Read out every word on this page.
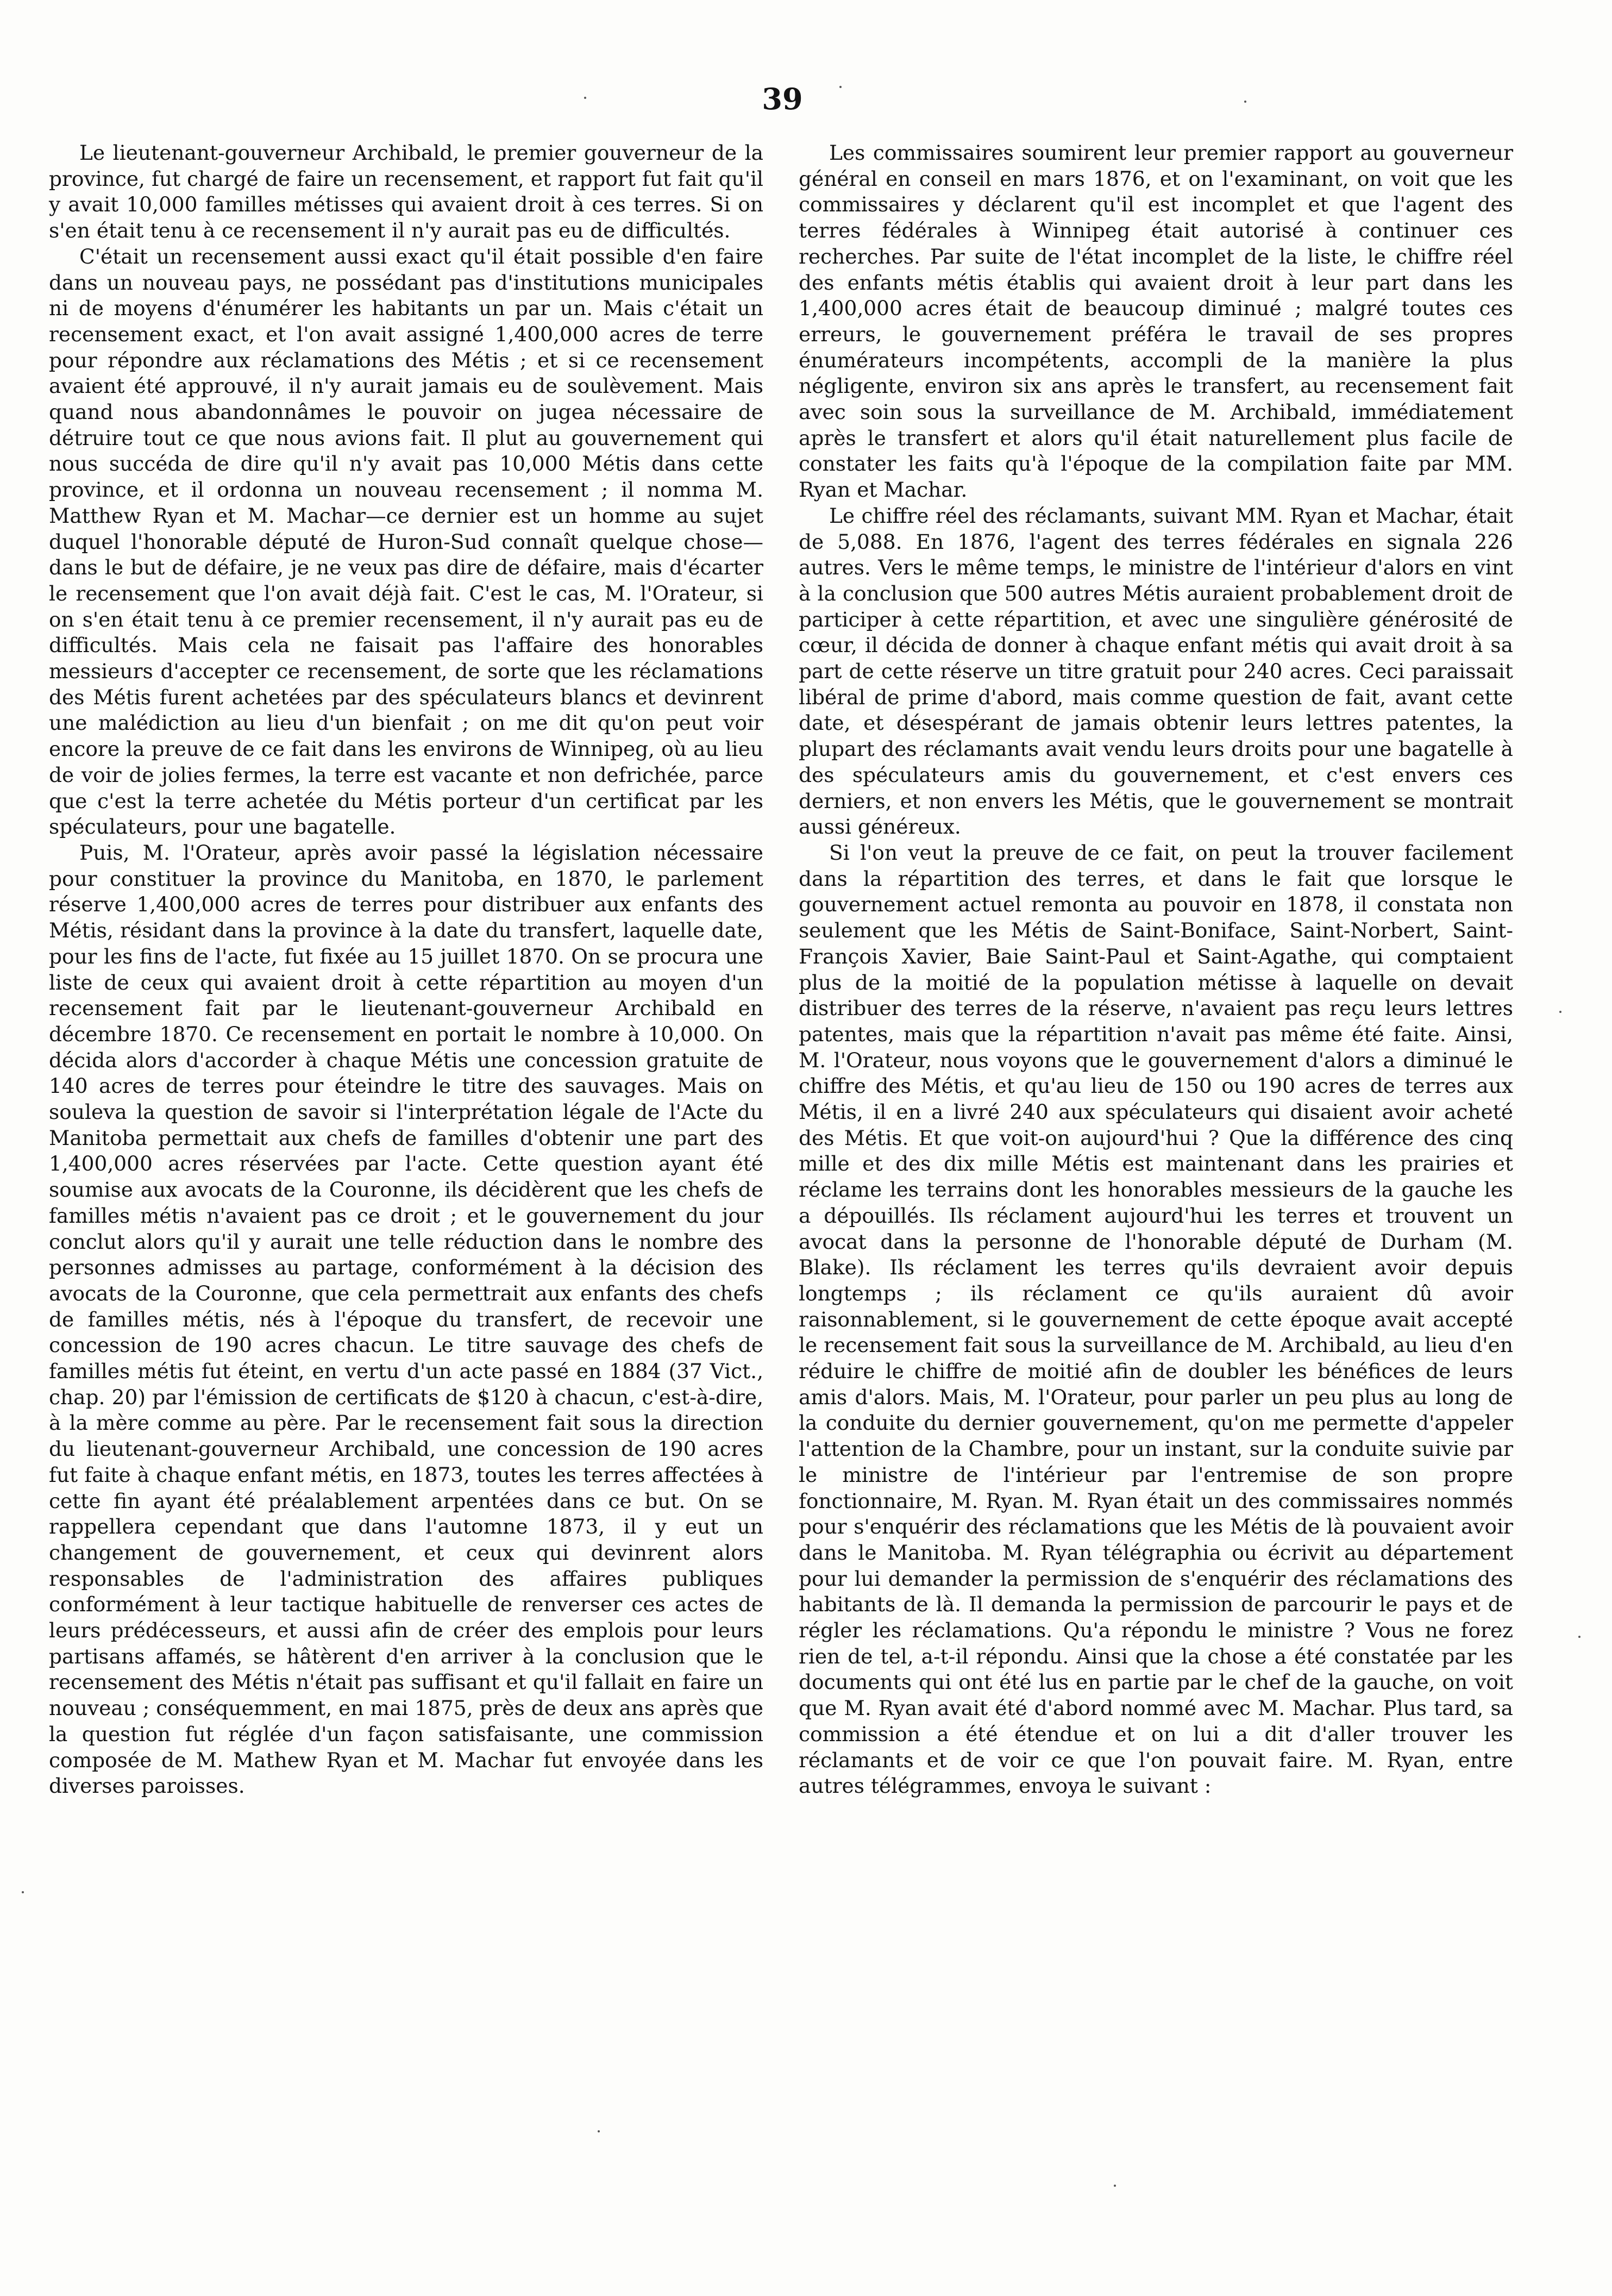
39

Le lieutenant-gouverneur Archibald, le premier gouverneur de la province, fut chargé de faire un recensement, et rapport fut fait qu'il y avait 10,000 familles métisses qui avaient droit à ces terres. Si on s'en était tenu à ce recensement il n'y aurait pas eu de difficultés.

C'était un recensement aussi exact qu'il était possible d'en faire dans un nouveau pays, ne possédant pas d'institutions municipales ni de moyens d'énumérer les habitants un par un. Mais c'était un recensement exact, et l'on avait assigné 1,400,000 acres de terre pour répondre aux réclamations des Métis ; et si ce recensement avaient été approuvé, il n'y aurait jamais eu de soulèvement. Mais quand nous abandonnâmes le pouvoir on jugea nécessaire de détruire tout ce que nous avions fait. Il plut au gouvernement qui nous succéda de dire qu'il n'y avait pas 10,000 Métis dans cette province, et il ordonna un nouveau recensement ; il nomma M. Matthew Ryan et M. Machar—ce dernier est un homme au sujet duquel l'honorable député de Huron-Sud connaît quelque chose—dans le but de défaire, je ne veux pas dire de défaire, mais d'écarter le recensement que l'on avait déjà fait. C'est le cas, M. l'Orateur, si on s'en était tenu à ce premier recensement, il n'y aurait pas eu de difficultés. Mais cela ne faisait pas l'affaire des honorables messieurs d'accepter ce recensement, de sorte que les réclamations des Métis furent achetées par des spéculateurs blancs et devinrent une malédiction au lieu d'un bienfait ; on me dit qu'on peut voir encore la preuve de ce fait dans les environs de Winnipeg, où au lieu de voir de jolies fermes, la terre est vacante et non defrichée, parce que c'est la terre achetée du Métis porteur d'un certificat par les spéculateurs, pour une bagatelle.

Puis, M. l'Orateur, après avoir passé la législation nécessaire pour constituer la province du Manitoba, en 1870, le parlement réserve 1,400,000 acres de terres pour distribuer aux enfants des Métis, résidant dans la province à la date du transfert, laquelle date, pour les fins de l'acte, fut fixée au 15 juillet 1870. On se procura une liste de ceux qui avaient droit à cette répartition au moyen d'un recensement fait par le lieutenant-gouverneur Archibald en décembre 1870. Ce recensement en portait le nombre à 10,000. On décida alors d'accorder à chaque Métis une concession gratuite de 140 acres de terres pour éteindre le titre des sauvages. Mais on souleva la question de savoir si l'interprétation légale de l'Acte du Manitoba permettait aux chefs de familles d'obtenir une part des 1,400,000 acres réservées par l'acte. Cette question ayant été soumise aux avocats de la Couronne, ils décidèrent que les chefs de familles métis n'avaient pas ce droit ; et le gouvernement du jour conclut alors qu'il y aurait une telle réduction dans le nombre des personnes admisses au partage, conformément à la décision des avocats de la Couronne, que cela permettrait aux enfants des chefs de familles métis, nés à l'époque du transfert, de recevoir une concession de 190 acres chacun. Le titre sauvage des chefs de familles métis fut éteint, en vertu d'un acte passé en 1884 (37 Vict., chap. 20) par l'émission de certificats de $120 à chacun, c'est-à-dire, à la mère comme au père. Par le recensement fait sous la direction du lieutenant-gouverneur Archibald, une concession de 190 acres fut faite à chaque enfant métis, en 1873, toutes les terres affectées à cette fin ayant été préalablement arpentées dans ce but. On se rappellera cependant que dans l'automne 1873, il y eut un changement de gouvernement, et ceux qui devinrent alors responsables de l'administration des affaires publiques conformément à leur tactique habituelle de renverser ces actes de leurs prédécesseurs, et aussi afin de créer des emplois pour leurs partisans affamés, se hâtèrent d'en arriver à la conclusion que le recensement des Métis n'était pas suffisant et qu'il fallait en faire un nouveau ; conséquemment, en mai 1875, près de deux ans après que la question fut réglée d'un façon satisfaisante, une commission composée de M. Mathew Ryan et M. Machar fut envoyée dans les diverses paroisses.

Les commissaires soumirent leur premier rapport au gouverneur général en conseil en mars 1876, et on l'examinant, on voit que les commissaires y déclarent qu'il est incomplet et que l'agent des terres fédérales à Winnipeg était autorisé à continuer ces recherches. Par suite de l'état incomplet de la liste, le chiffre réel des enfants métis établis qui avaient droit à leur part dans les 1,400,000 acres était de beaucoup diminué ; malgré toutes ces erreurs, le gouvernement préféra le travail de ses propres énumérateurs incompétents, accompli de la manière la plus négligente, environ six ans après le transfert, au recensement fait avec soin sous la surveillance de M. Archibald, immédiatement après le transfert et alors qu'il était naturellement plus facile de constater les faits qu'à l'époque de la compilation faite par MM. Ryan et Machar.

Le chiffre réel des réclamants, suivant MM. Ryan et Machar, était de 5,088. En 1876, l'agent des terres fédérales en signala 226 autres. Vers le même temps, le ministre de l'intérieur d'alors en vint à la conclusion que 500 autres Métis auraient probablement droit de participer à cette répartition, et avec une singulière générosité de cœur, il décida de donner à chaque enfant métis qui avait droit à sa part de cette réserve un titre gratuit pour 240 acres. Ceci paraissait libéral de prime d'abord, mais comme question de fait, avant cette date, et désespérant de jamais obtenir leurs lettres patentes, la plupart des réclamants avait vendu leurs droits pour une bagatelle à des spéculateurs amis du gouvernement, et c'est envers ces derniers, et non envers les Métis, que le gouvernement se montrait aussi généreux.

Si l'on veut la preuve de ce fait, on peut la trouver facilement dans la répartition des terres, et dans le fait que lorsque le gouvernement actuel remonta au pouvoir en 1878, il constata non seulement que les Métis de Saint-Boniface, Saint-Norbert, Saint-François Xavier, Baie Saint-Paul et Saint-Agathe, qui comptaient plus de la moitié de la population métisse à laquelle on devait distribuer des terres de la réserve, n'avaient pas reçu leurs lettres patentes, mais que la répartition n'avait pas même été faite. Ainsi, M. l'Orateur, nous voyons que le gouvernement d'alors a diminué le chiffre des Métis, et qu'au lieu de 150 ou 190 acres de terres aux Métis, il en a livré 240 aux spéculateurs qui disaient avoir acheté des Métis. Et que voit-on aujourd'hui ? Que la différence des cinq mille et des dix mille Métis est maintenant dans les prairies et réclame les terrains dont les honorables messieurs de la gauche les a dépouillés. Ils réclament aujourd'hui les terres et trouvent un avocat dans la personne de l'honorable député de Durham (M. Blake). Ils réclament les terres qu'ils devraient avoir depuis longtemps ; ils réclament ce qu'ils auraient dû avoir raisonnablement, si le gouvernement de cette époque avait accepté le recensement fait sous la surveillance de M. Archibald, au lieu d'en réduire le chiffre de moitié afin de doubler les bénéfices de leurs amis d'alors. Mais, M. l'Orateur, pour parler un peu plus au long de la conduite du dernier gouvernement, qu'on me permette d'appeler l'attention de la Chambre, pour un instant, sur la conduite suivie par le ministre de l'intérieur par l'entremise de son propre fonctionnaire, M. Ryan. M. Ryan était un des commissaires nommés pour s'enquérir des réclamations que les Métis de là pouvaient avoir dans le Manitoba. M. Ryan télégraphia ou écrivit au département pour lui demander la permission de s'enquérir des réclamations des habitants de là. Il demanda la permission de parcourir le pays et de régler les réclamations. Qu'a répondu le ministre ? Vous ne forez rien de tel, a-t-il répondu. Ainsi que la chose a été constatée par les documents qui ont été lus en partie par le chef de la gauche, on voit que M. Ryan avait été d'abord nommé avec M. Machar. Plus tard, sa commission a été étendue et on lui a dit d'aller trouver les réclamants et de voir ce que l'on pouvait faire. M. Ryan, entre autres télégrammes, envoya le suivant :
